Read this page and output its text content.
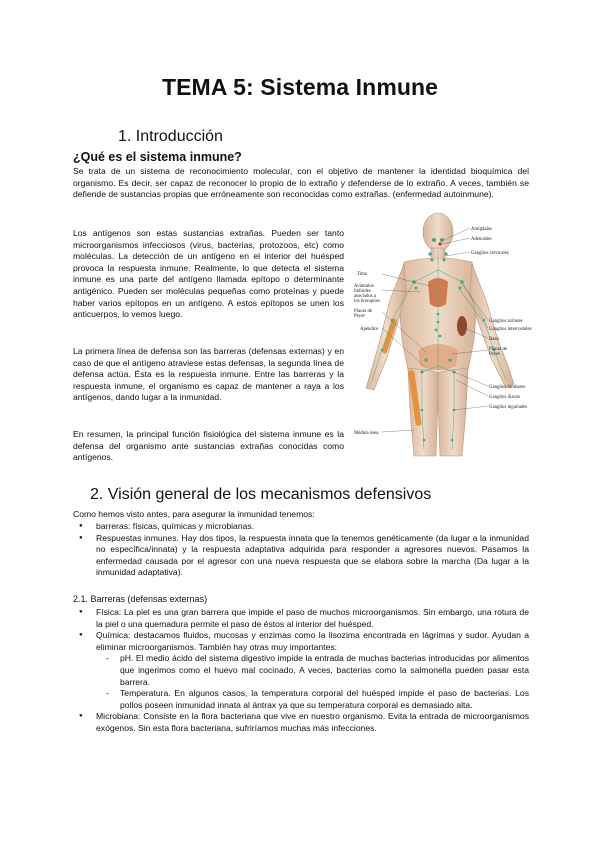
TEMA 5: Sistema Inmune
1. Introducción
¿Qué es el sistema inmune?
Se trata de un sistema de reconocimiento molecular, con el objetivo de mantener la identidad bioquímica del organismo. Es decir, ser capaz de reconocer lo propio de lo extraño y defenderse de lo extraño. A veces, también se defiende de sustancias propias que erróneamente son reconocidas como extrañas. (enfermedad autoinmune).
Los antígenos son estas sustancias extrañas. Pueden ser tanto microorganismos infecciosos (virus, bacterias, protozoos, etc) como moléculas. La detección de un antígeno en el interior del huésped provoca la respuesta inmune. Realmente, lo que detecta el sistema inmune es una parte del antígeno llamada epítopo o determinante antigénico. Pueden ser moléculas pequeñas como proteínas y puede haber varios epítopos en un antígeno. A estos epítopos se unen los anticuerpos, lo vemos luego.
La primera línea de defensa son las barreras (defensas externas) y en caso de que el antígeno atraviese estas defensas, la segunda línea de defensa actúa. Ésta es la respuesta inmune. Entre las barreras y la respuesta inmune, el organismo es capaz de mantener a raya a los antígenos, dando lugar a la inmunidad.
En resumen, la principal función fisiológica del sistema inmune es la defensa del organismo ante sustancias extrañas conocidas como antígenos.
Amígdalas
Adenoides
Ganglios cervicales
Timo
Acúmulos linfoides asociados a los bronquios
Ganglios axilares
Ganglios intercostales
Bazo
Placas de Peyer
Placas de Peyer
Apéndice
Ganglios lumbares
Ganglios iliacos
Ganglios inguinales
Médula ósea
2. Visión general de los mecanismos defensivos
Como hemos visto antes, para asegurar la inmunidad tenemos:
● barreras: físicas, químicas y microbianas.
● Respuestas inmunes. Hay dos tipos, la respuesta innata que la tenemos genéticamente (da lugar a la inmunidad no específica/innata) y la respuesta adaptativa adquirida para responder a agresores nuevos. Pasamos la enfermedad causada por el agresor con una nueva respuesta que se elabora sobre la marcha (Da lugar a la inmunidad adaptativa).
2.1. Barreras (defensas externas)
● Física: La piel es una gran barrera que impide el paso de muchos microorganismos. Sin embargo, una rotura de la piel o una quemadura permite el paso de éstos al interior del huésped.
● Química: destacamos fluidos, mucosas y enzimas como la lisozima encontrada en lágrimas y sudor. Ayudan a eliminar microorganismos. También hay otras muy importantes:
- pH. El medio ácido del sistema digestivo impide la entrada de muchas bacterias introducidas por alimentos que ingerimos como el huevo mal cocinado. A veces, bacterias como la salmonella pueden pasar esta barrera.
- Temperatura. En algunos casos, la temperatura corporal del huésped impide el paso de bacterias. Los pollos poseen inmunidad innata al ántrax ya que su temperatura corporal es demasiado alta.
● Microbiana: Consiste en la flora bacteriana que vive en nuestro organismo. Evita la entrada de microorganismos exógenos. Sin esta flora bacteriana, sufriríamos muchas más infecciones.
